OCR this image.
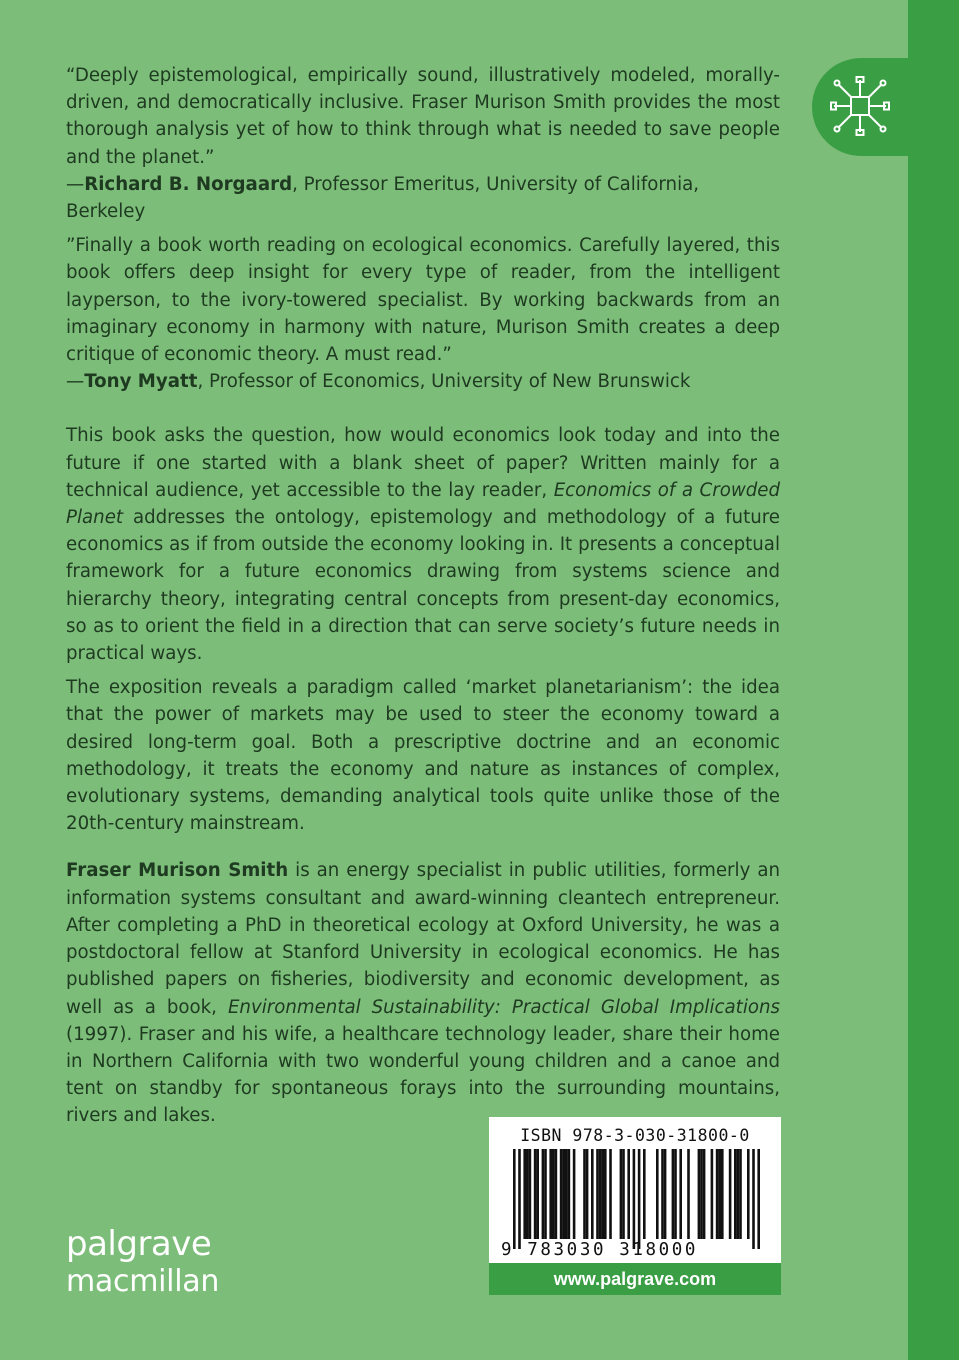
“Deeply epistemological, empirically sound, illustratively modeled, morally-driven, and democratically inclusive. Fraser Murison Smith provides the most thorough analysis yet of how to think through what is needed to save people and the planet.”

—Richard B. Norgaard, Professor Emeritus, University of California, Berkeley

”Finally a book worth reading on ecological economics. Carefully layered, this book offers deep insight for every type of reader, from the intelligent layperson, to the ivory-towered specialist. By working backwards from an imaginary economy in harmony with nature, Murison Smith creates a deep critique of economic theory. A must read.”

—Tony Myatt, Professor of Economics, University of New Brunswick

This book asks the question, how would economics look today and into the future if one started with a blank sheet of paper? Written mainly for a technical audience, yet accessible to the lay reader, Economics of a Crowded Planet addresses the ontology, epistemology and methodology of a future economics as if from outside the economy looking in. It presents a conceptual framework for a future economics drawing from systems science and hierarchy theory, integrating central concepts from present-day economics, so as to orient the field in a direction that can serve society’s future needs in practical ways.

The exposition reveals a paradigm called ‘market planetarianism’: the idea that the power of markets may be used to steer the economy toward a desired long-term goal. Both a prescriptive doctrine and an economic methodology, it treats the economy and nature as instances of complex, evolutionary systems, demanding analytical tools quite unlike those of the 20th-century mainstream.

Fraser Murison Smith is an energy specialist in public utilities, formerly an information systems consultant and award-winning cleantech entrepreneur. After completing a PhD in theoretical ecology at Oxford University, he was a postdoctoral fellow at Stanford University in ecological economics. He has published papers on fisheries, biodiversity and economic development, as well as a book, Environmental Sustainability: Practical Global Implications (1997). Fraser and his wife, a healthcare technology leader, share their home in Northern California with two wonderful young children and a canoe and tent on standby for spontaneous forays into the surrounding mountains, rivers and lakes.

palgrave
macmillan
ISBN 978-3-030-31800-0
9 783030 318000
www.palgrave.com
